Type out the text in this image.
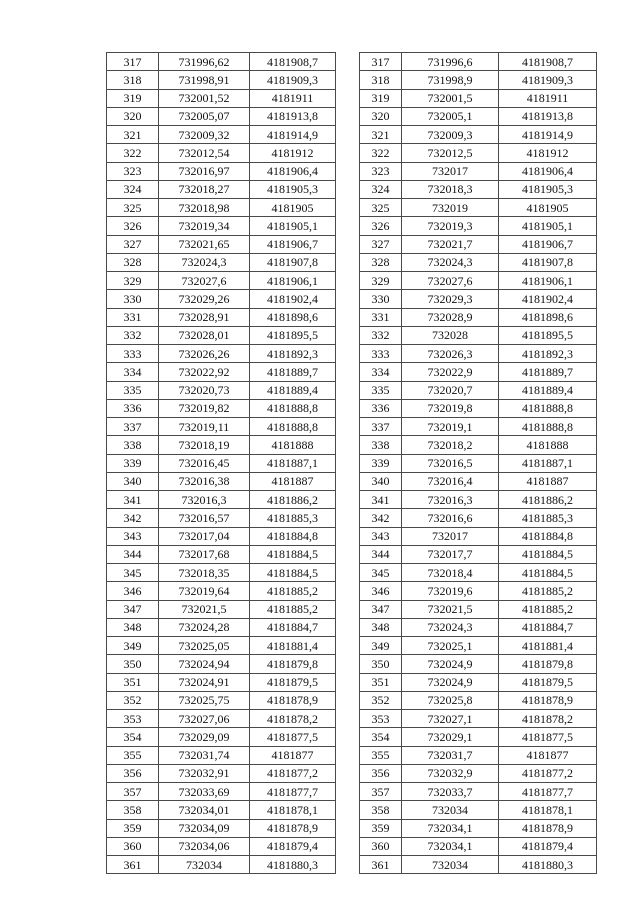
317	731996,62	4181908,7
318	731998,91	4181909,3
319	732001,52	4181911
320	732005,07	4181913,8
321	732009,32	4181914,9
322	732012,54	4181912
323	732016,97	4181906,4
324	732018,27	4181905,3
325	732018,98	4181905
326	732019,34	4181905,1
327	732021,65	4181906,7
328	732024,3	4181907,8
329	732027,6	4181906,1
330	732029,26	4181902,4
331	732028,91	4181898,6
332	732028,01	4181895,5
333	732026,26	4181892,3
334	732022,92	4181889,7
335	732020,73	4181889,4
336	732019,82	4181888,8
337	732019,11	4181888,8
338	732018,19	4181888
339	732016,45	4181887,1
340	732016,38	4181887
341	732016,3	4181886,2
342	732016,57	4181885,3
343	732017,04	4181884,8
344	732017,68	4181884,5
345	732018,35	4181884,5
346	732019,64	4181885,2
347	732021,5	4181885,2
348	732024,28	4181884,7
349	732025,05	4181881,4
350	732024,94	4181879,8
351	732024,91	4181879,5
352	732025,75	4181878,9
353	732027,06	4181878,2
354	732029,09	4181877,5
355	732031,74	4181877
356	732032,91	4181877,2
357	732033,69	4181877,7
358	732034,01	4181878,1
359	732034,09	4181878,9
360	732034,06	4181879,4
361	732034	4181880,3
317	731996,6	4181908,7
318	731998,9	4181909,3
319	732001,5	4181911
320	732005,1	4181913,8
321	732009,3	4181914,9
322	732012,5	4181912
323	732017	4181906,4
324	732018,3	4181905,3
325	732019	4181905
326	732019,3	4181905,1
327	732021,7	4181906,7
328	732024,3	4181907,8
329	732027,6	4181906,1
330	732029,3	4181902,4
331	732028,9	4181898,6
332	732028	4181895,5
333	732026,3	4181892,3
334	732022,9	4181889,7
335	732020,7	4181889,4
336	732019,8	4181888,8
337	732019,1	4181888,8
338	732018,2	4181888
339	732016,5	4181887,1
340	732016,4	4181887
341	732016,3	4181886,2
342	732016,6	4181885,3
343	732017	4181884,8
344	732017,7	4181884,5
345	732018,4	4181884,5
346	732019,6	4181885,2
347	732021,5	4181885,2
348	732024,3	4181884,7
349	732025,1	4181881,4
350	732024,9	4181879,8
351	732024,9	4181879,5
352	732025,8	4181878,9
353	732027,1	4181878,2
354	732029,1	4181877,5
355	732031,7	4181877
356	732032,9	4181877,2
357	732033,7	4181877,7
358	732034	4181878,1
359	732034,1	4181878,9
360	732034,1	4181879,4
361	732034	4181880,3
